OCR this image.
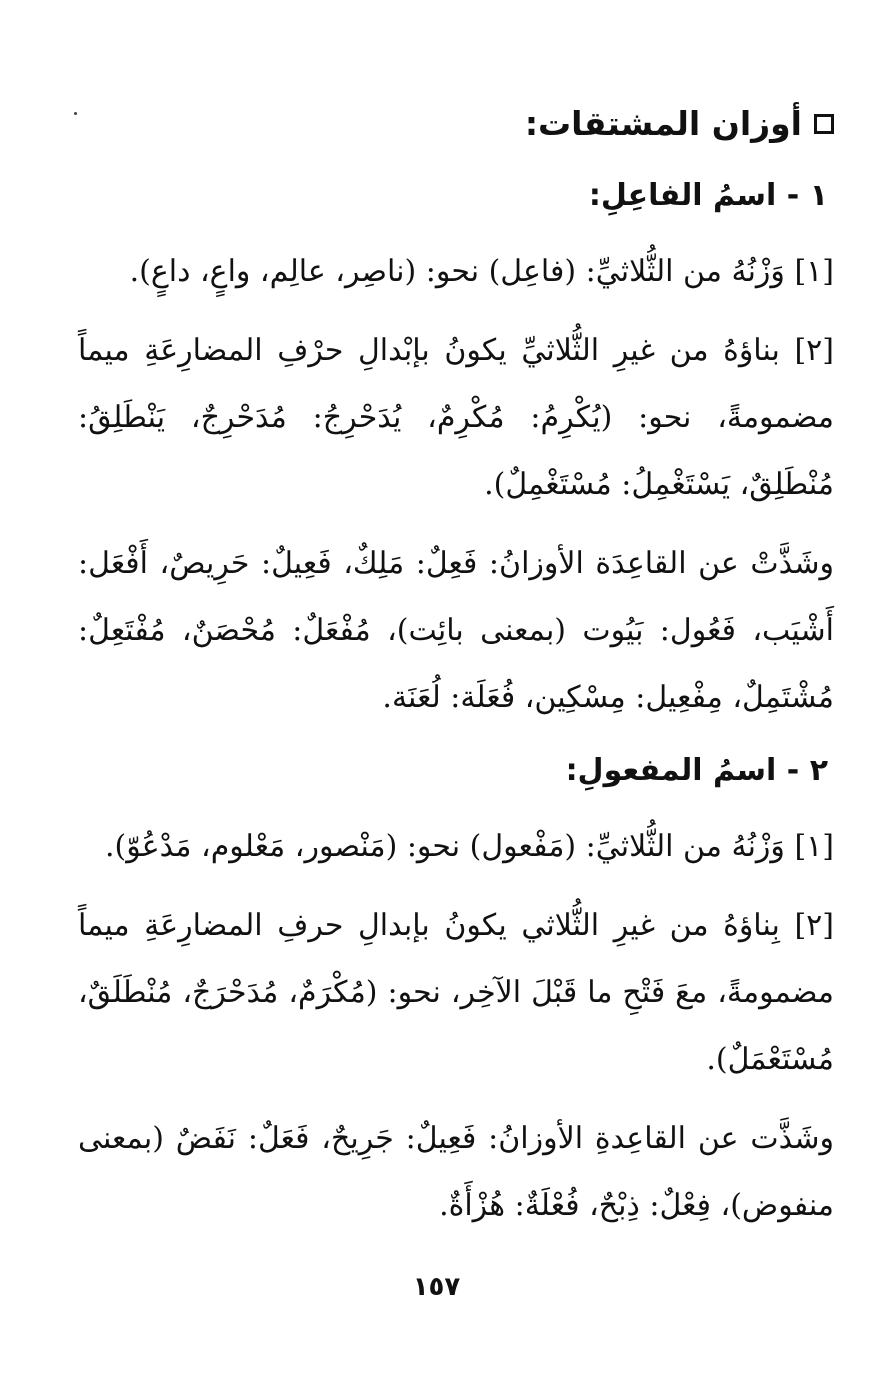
أوزان المشتقات:
١ - اسمُ الفاعِلِ:
[١] وَزْنُهُ من الثُّلاثيِّ: (فاعِل) نحو: (ناصِر، عالِم، واعٍ، داعٍ).
[٢] بناؤهُ من غيرِ الثُّلاثيِّ يكونُ بإبْدالِ حرْفِ المضارِعَةِ ميماً مضمومةً، نحو: (يُكْرِمُ: مُكْرِمٌ، يُدَحْرِجُ: مُدَحْرِجٌ، يَنْطَلِقُ: مُنْطَلِقٌ، يَسْتَغْمِلُ: مُسْتَغْمِلٌ).
وشَذَّتْ عن القاعِدَة الأوزانُ: فَعِلٌ: مَلِكٌ، فَعِيلٌ: حَرِيصٌ، أَفْعَل: أَشْيَب، فَعُول: بَيُوت (بمعنى بائِت)، مُفْعَلٌ: مُحْصَنٌ، مُفْتَعِلٌ: مُشْتَمِلٌ، مِفْعِيل: مِسْكِين، فُعَلَة: لُعَنَة.
٢ - اسمُ المفعولِ:
[١] وَزْنُهُ من الثُّلاثيِّ: (مَفْعول) نحو: (مَنْصور، مَعْلوم، مَدْعُوّ).
[٢] بِناؤهُ من غيرِ الثُّلاثي يكونُ بإبدالِ حرفِ المضارِعَةِ ميماً مضمومةً، معَ فَتْحِ ما قَبْلَ الآخِر، نحو: (مُكْرَمٌ، مُدَحْرَجٌ، مُنْطَلَقٌ، مُسْتَعْمَلٌ).
وشَذَّت عن القاعِدةِ الأوزانُ: فَعِيلٌ: جَرِيحٌ، فَعَلٌ: نَفَضٌ (بمعنى منفوض)، فِعْلٌ: ذِبْحٌ، فُعْلَةٌ: هُزْأَةٌ.
١٥٧
